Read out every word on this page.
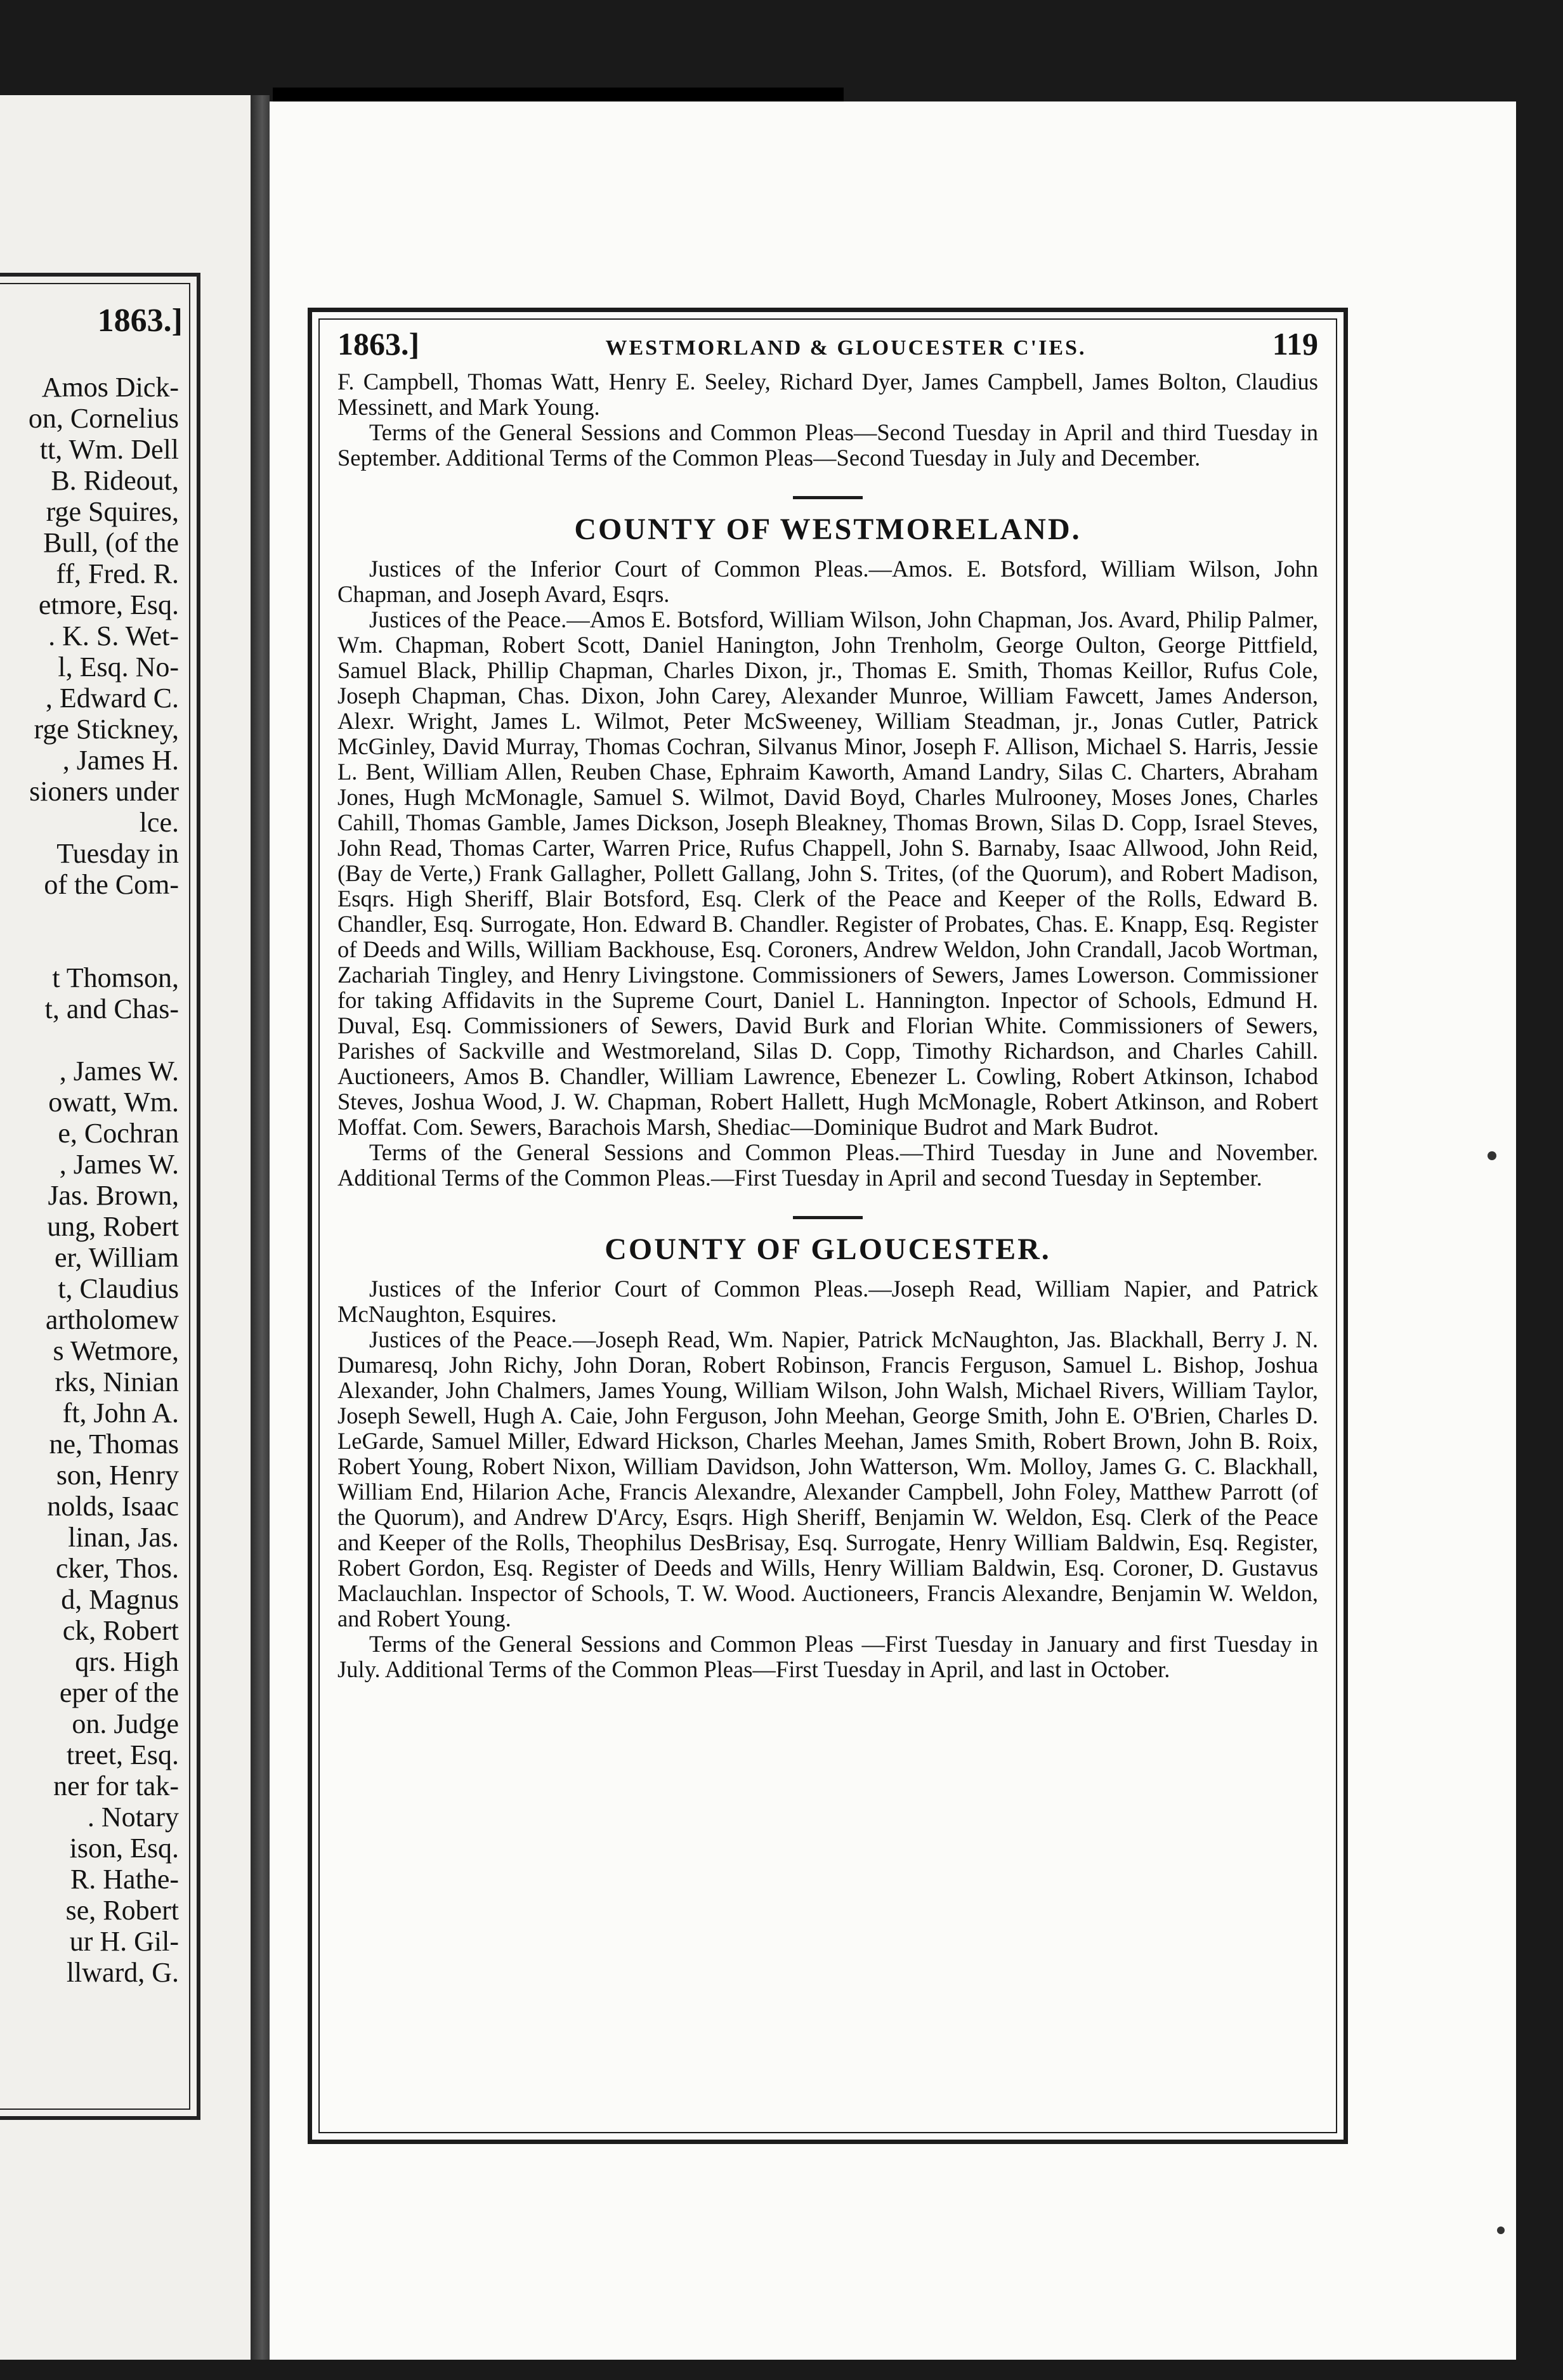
1863.]
Amos Dick-
on, Cornelius
tt, Wm. Dell
B. Rideout,
rge Squires,
Bull, (of the
ff, Fred. R.
etmore, Esq.
. K. S. Wet-
l, Esq. No-
, Edward C.
rge Stickney,
, James H.
sioners under
lce.
Tuesday in
of the Com-

t Thomson,
t, and Chas-

, James W.
owatt, Wm.
e, Cochran
, James W.
Jas. Brown,
ung, Robert
er, William
t, Claudius
artholomew
s Wetmore,
rks, Ninian
ft, John A.
ne, Thomas
son, Henry
nolds, Isaac
linan, Jas.
cker, Thos.
d, Magnus
ck, Robert
qrs. High
eper of the
on. Judge
treet, Esq.
ner for tak-
. Notary
ison, Esq.
R. Hathe-
se, Robert
ur H. Gil-
llward, G.
1863.]	WESTMORLAND & GLOUCESTER C'IES.	119

F. Campbell, Thomas Watt, Henry E. Seeley, Richard Dyer, James Campbell, James Bolton, Claudius Messinett, and Mark Young.

Terms of the General Sessions and Common Pleas—Second Tuesday in April and third Tuesday in September. Additional Terms of the Common Pleas—Second Tuesday in July and December.

COUNTY OF WESTMORELAND.

Justices of the Inferior Court of Common Pleas.—Amos. E. Botsford, William Wilson, John Chapman, and Joseph Avard, Esqrs.

Justices of the Peace.—Amos E. Botsford, William Wilson, John Chapman, Jos. Avard, Philip Palmer, Wm. Chapman, Robert Scott, Daniel Hanington, John Trenholm, George Oulton, George Pittfield, Samuel Black, Phillip Chapman, Charles Dixon, jr., Thomas E. Smith, Thomas Keillor, Rufus Cole, Joseph Chapman, Chas. Dixon, John Carey, Alexander Munroe, William Fawcett, James Anderson, Alexr. Wright, James L. Wilmot, Peter McSweeney, William Steadman, jr., Jonas Cutler, Patrick McGinley, David Murray, Thomas Cochran, Silvanus Minor, Joseph F. Allison, Michael S. Harris, Jessie L. Bent, William Allen, Reuben Chase, Ephraim Kaworth, Amand Landry, Silas C. Charters, Abraham Jones, Hugh McMonagle, Samuel S. Wilmot, David Boyd, Charles Mulrooney, Moses Jones, Charles Cahill, Thomas Gamble, James Dickson, Joseph Bleakney, Thomas Brown, Silas D. Copp, Israel Steves, John Read, Thomas Carter, Warren Price, Rufus Chappell, John S. Barnaby, Isaac Allwood, John Reid, (Bay de Verte,) Frank Gallagher, Pollett Gallang, John S. Trites, (of the Quorum), and Robert Madison, Esqrs. High Sheriff, Blair Botsford, Esq. Clerk of the Peace and Keeper of the Rolls, Edward B. Chandler, Esq. Surrogate, Hon. Edward B. Chandler. Register of Probates, Chas. E. Knapp, Esq. Register of Deeds and Wills, William Backhouse, Esq. Coroners, Andrew Weldon, John Crandall, Jacob Wortman, Zachariah Tingley, and Henry Livingstone. Commissioners of Sewers, James Lowerson. Commissioner for taking Affidavits in the Supreme Court, Daniel L. Hannington. Inpector of Schools, Edmund H. Duval, Esq. Commissioners of Sewers, David Burk and Florian White. Commissioners of Sewers, Parishes of Sackville and Westmoreland, Silas D. Copp, Timothy Richardson, and Charles Cahill. Auctioneers, Amos B. Chandler, William Lawrence, Ebenezer L. Cowling, Robert Atkinson, Ichabod Steves, Joshua Wood, J. W. Chapman, Robert Hallett, Hugh McMonagle, Robert Atkinson, and Robert Moffat. Com. Sewers, Barachois Marsh, Shediac—Dominique Budrot and Mark Budrot.

Terms of the General Sessions and Common Pleas.—Third Tuesday in June and November. Additional Terms of the Common Pleas.—First Tuesday in April and second Tuesday in September.

COUNTY OF GLOUCESTER.

Justices of the Inferior Court of Common Pleas.—Joseph Read, William Napier, and Patrick McNaughton, Esquires.

Justices of the Peace.—Joseph Read, Wm. Napier, Patrick McNaughton, Jas. Blackhall, Berry J. N. Dumaresq, John Richy, John Doran, Robert Robinson, Francis Ferguson, Samuel L. Bishop, Joshua Alexander, John Chalmers, James Young, William Wilson, John Walsh, Michael Rivers, William Taylor, Joseph Sewell, Hugh A. Caie, John Ferguson, John Meehan, George Smith, John E. O'Brien, Charles D. LeGarde, Samuel Miller, Edward Hickson, Charles Meehan, James Smith, Robert Brown, John B. Roix, Robert Young, Robert Nixon, William Davidson, John Watterson, Wm. Molloy, James G. C. Blackhall, William End, Hilarion Ache, Francis Alexandre, Alexander Campbell, John Foley, Matthew Parrott (of the Quorum), and Andrew D'Arcy, Esqrs. High Sheriff, Benjamin W. Weldon, Esq. Clerk of the Peace and Keeper of the Rolls, Theophilus DesBrisay, Esq. Surrogate, Henry William Baldwin, Esq. Register, Robert Gordon, Esq. Register of Deeds and Wills, Henry William Baldwin, Esq. Coroner, D. Gustavus Maclauchlan. Inspector of Schools, T. W. Wood. Auctioneers, Francis Alexandre, Benjamin W. Weldon, and Robert Young.

Terms of the General Sessions and Common Pleas —First Tuesday in January and first Tuesday in July. Additional Terms of the Common Pleas—First Tuesday in April, and last in October.
